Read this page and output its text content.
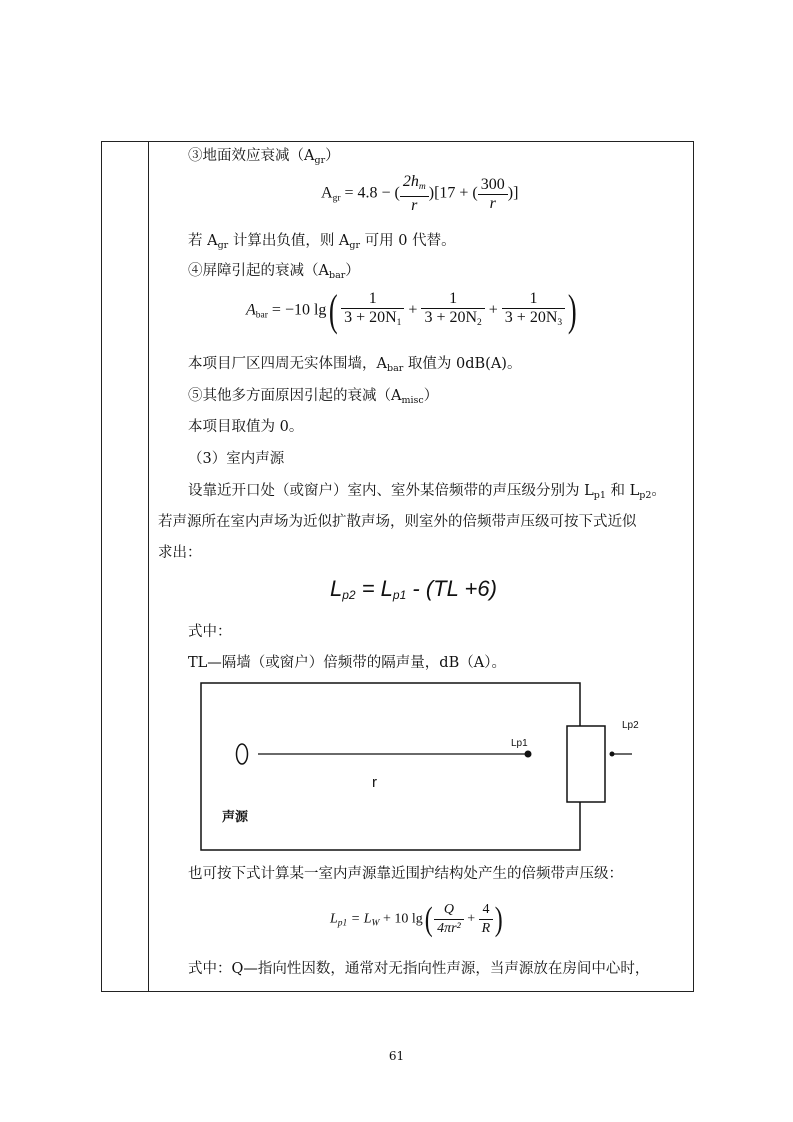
③地面效应衰减$(A_{gr})$
$A_{gr} = 4.8$ − ( $\frac{2h_m}{r} )[17$ + ( $\frac{300}{r}$ )]
若 $A_{gr}$ 计算出负值，则 $A_{gr}$ 可用 0 代替。
④屏障引起的衰减$(A_{bar})$
$A_{bar} = -10$ $\lg( \frac{1}{3 + 20N_1} + \frac{1}{3 + 20N_2} + \frac{1}{3 + 20N_3}$ )
本项目厂区四周无实体围墙，$A_{bar}$ 取值为 0dB(A)。
⑤其他多方面原因引起的衰减$(A_{misc})$
本项目取值为 0。
（3）室内声源
设靠近开口处（或窗户）室内、室外某倍频带的声压级分别为 $L_{p1}$ 和 $L_{p2}$。
若声源所在室内声场为近似扩散声场，则室外的倍频带声压级可按下式近似
求出：
$L_{p2} = L_{p1} - (TL +6)$
式中：
TL—隔墙（或窗户）倍频带的隔声量，dB（A）。
也可按下式计算某一室内声源靠近围护结构处产生的倍频带声压级：
$L_{p1} = L_W + 10$ $\lg( \frac{Q}{\text{4πr²}} + \frac{4}{R}$ )
式中：Q—指向性因数，通常对无指向性声源，当声源放在房间中心时，
Lp1
Lp2
r
声源
61
